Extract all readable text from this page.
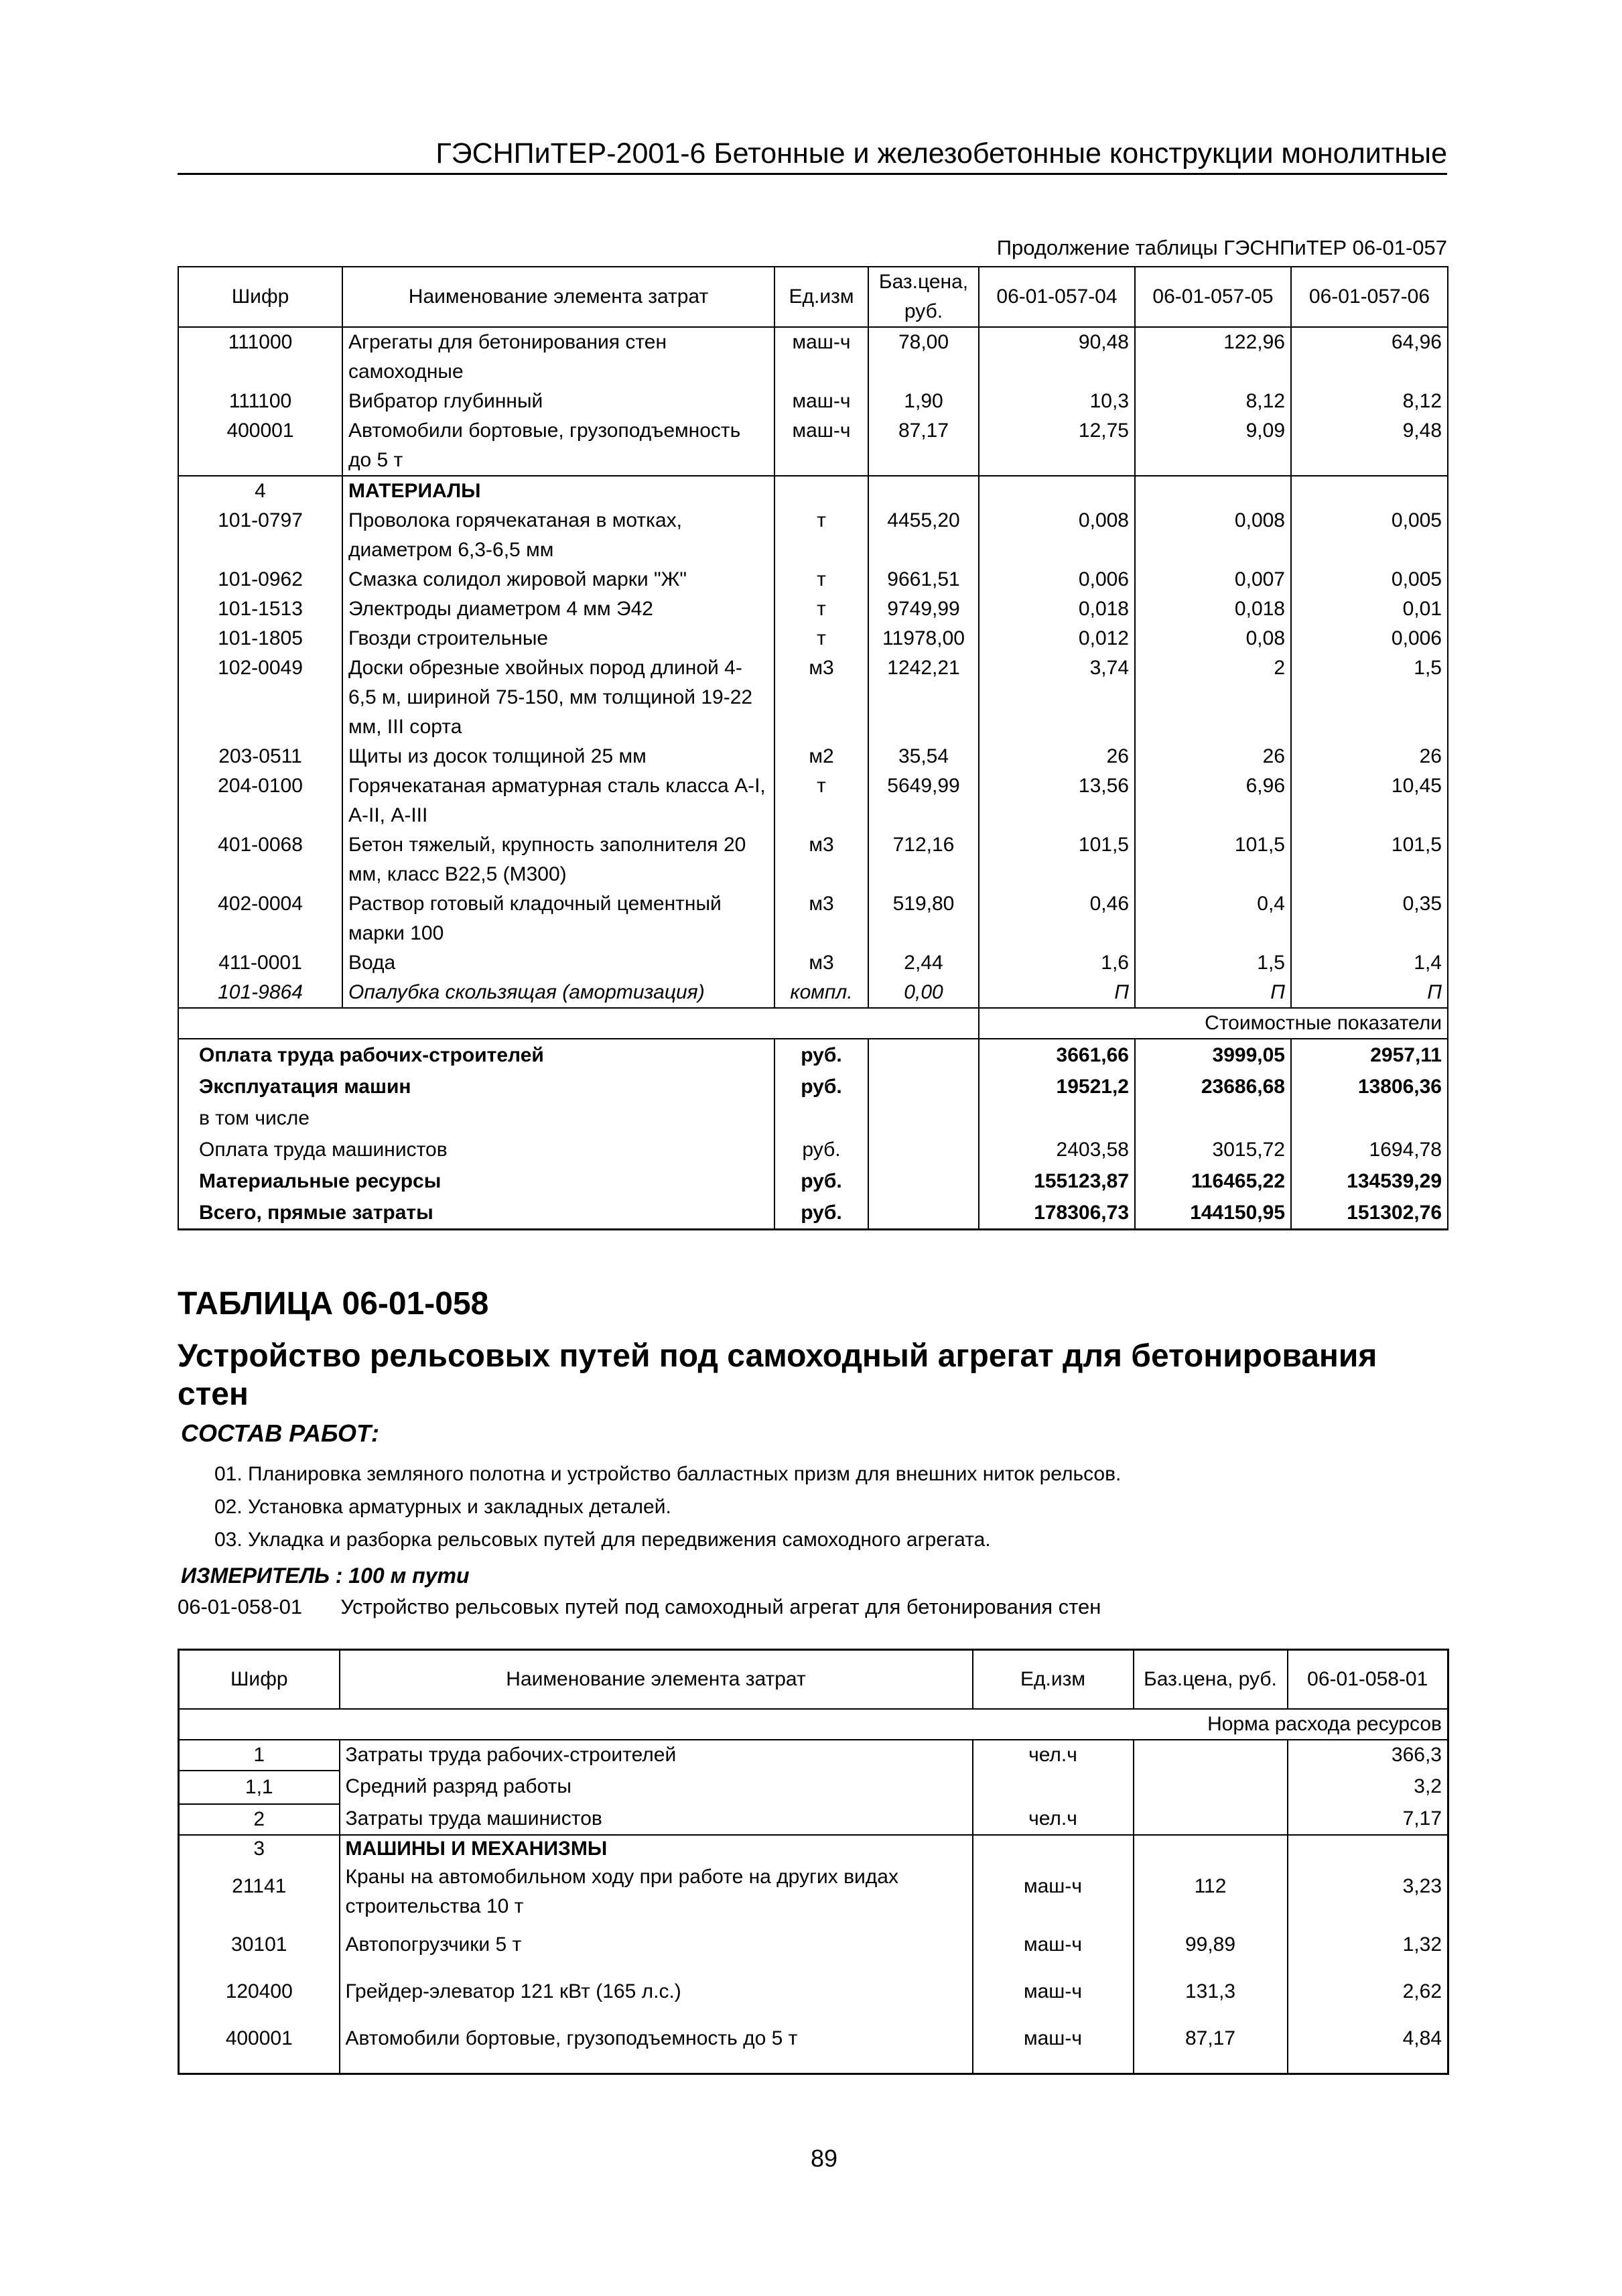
ГЭСНПиТЕР-2001-6 Бетонные и железобетонные конструкции монолитные
Продолжение таблицы ГЭСНПиТЕР 06-01-057
Шифр	Наименование элемента затрат	Ед.изм	Баз.цена, руб.	06-01-057-04	06-01-057-05	06-01-057-06
111000	Агрегаты для бетонирования стен самоходные	маш-ч	78,00	90,48	122,96	64,96
111100	Вибратор глубинный	маш-ч	1,90	10,3	8,12	8,12
400001	Автомобили бортовые, грузоподъемность до 5 т	маш-ч	87,17	12,75	9,09	9,48
4	МАТЕРИАЛЫ					
101-0797	Проволока горячекатаная в мотках, диаметром 6,3-6,5 мм	т	4455,20	0,008	0,008	0,005
101-0962	Смазка солидол жировой марки "Ж"	т	9661,51	0,006	0,007	0,005
101-1513	Электроды диаметром 4 мм Э42	т	9749,99	0,018	0,018	0,01
101-1805	Гвозди строительные	т	11978,00	0,012	0,08	0,006
102-0049	Доски обрезные хвойных пород длиной 4-6,5 м, шириной 75-150, мм толщиной 19-22 мм, III сорта	м3	1242,21	3,74	2	1,5
203-0511	Щиты из досок толщиной 25 мм	м2	35,54	26	26	26
204-0100	Горячекатаная арматурная сталь класса А-I, А-II, А-III	т	5649,99	13,56	6,96	10,45
401-0068	Бетон тяжелый, крупность заполнителя 20 мм, класс В22,5 (М300)	м3	712,16	101,5	101,5	101,5
402-0004	Раствор готовый кладочный цементный марки 100	м3	519,80	0,46	0,4	0,35
411-0001	Вода	м3	2,44	1,6	1,5	1,4
101-9864	Опалубка скользящая (амортизация)	компл.	0,00	П	П	П
				Стоимостные показатели		
Оплата труда рабочих-строителей		руб.		3661,66	3999,05	2957,11
Эксплуатация машин		руб.		19521,2	23686,68	13806,36
в том числе						
Оплата труда машинистов		руб.		2403,58	3015,72	1694,78
Материальные ресурсы		руб.		155123,87	116465,22	134539,29
Всего, прямые затраты		руб.		178306,73	144150,95	151302,76
ТАБЛИЦА 06-01-058
Устройство рельсовых путей под самоходный агрегат для бетонирования стен
СОСТАВ РАБОТ:
01. Планировка земляного полотна и устройство балластных призм для внешних ниток рельсов.
02. Установка арматурных и закладных деталей.
03. Укладка и разборка рельсовых путей для передвижения самоходного агрегата.
ИЗМЕРИТЕЛЬ : 100 м пути
06-01-058-01 Устройство рельсовых путей под самоходный агрегат для бетонирования стен
Шифр	Наименование элемента затрат	Ед.изм	Баз.цена, руб.	06-01-058-01
Норма расхода ресурсов				
1	Затраты труда рабочих-строителей	чел.ч		366,3
1,1	Средний разряд работы			3,2
2	Затраты труда машинистов	чел.ч		7,17
3	МАШИНЫ И МЕХАНИЗМЫ			
21141	Краны на автомобильном ходу при работе на других видах строительства 10 т	маш-ч	112	3,23
30101	Автопогрузчики 5 т	маш-ч	99,89	1,32
120400	Грейдер-элеватор 121 кВт (165 л.с.)	маш-ч	131,3	2,62
400001	Автомобили бортовые, грузоподъемность до 5 т	маш-ч	87,17	4,84
89
